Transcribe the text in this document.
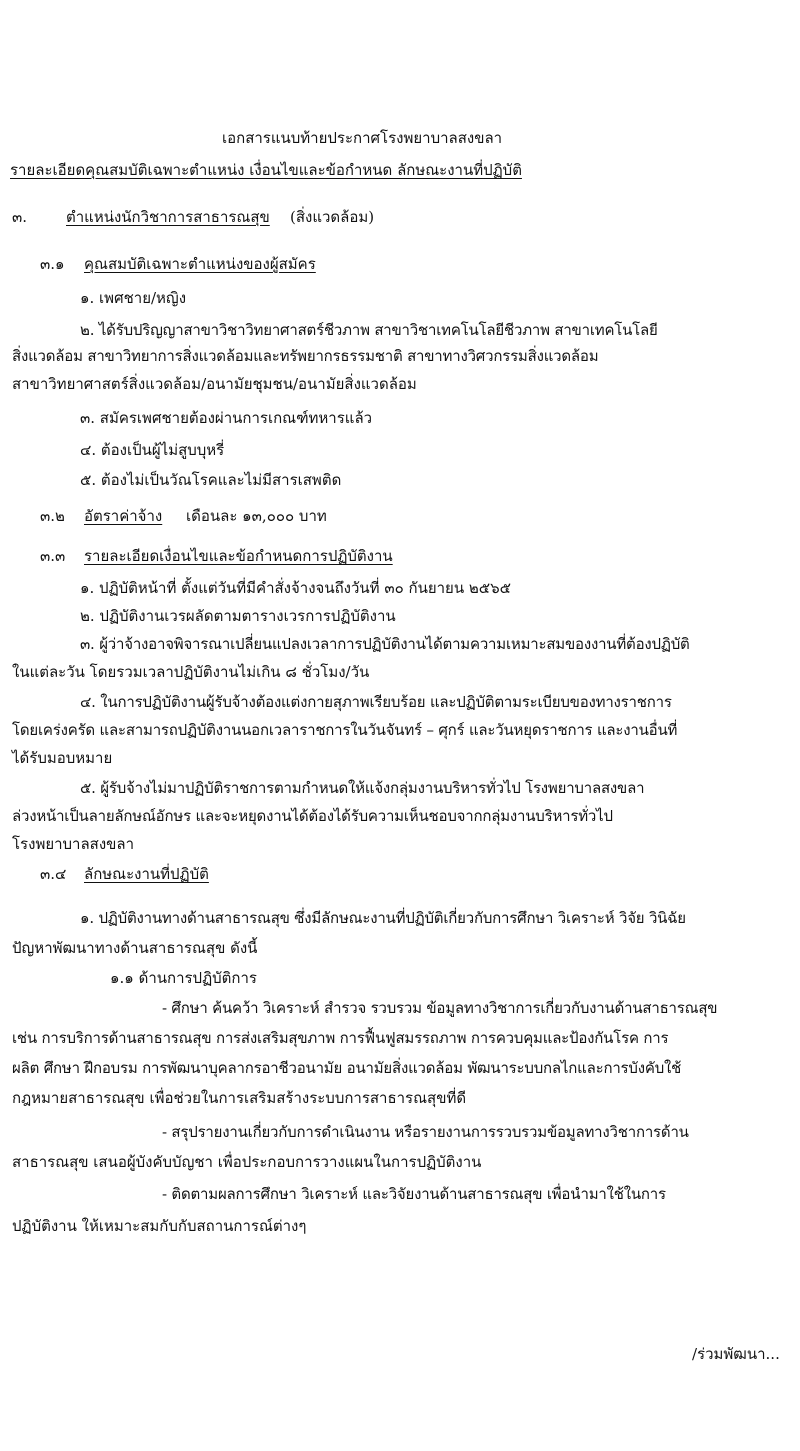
เอกสารแนบท้ายประกาศโรงพยาบาลสงขลา
รายละเอียดคุณสมบัติเฉพาะตำแหน่ง เงื่อนไขและข้อกำหนด ลักษณะงานที่ปฏิบัติ
๓.	ตำแหน่งนักวิชาการสาธารณสุข (สิ่งแวดล้อม)
๓.๑ คุณสมบัติเฉพาะตำแหน่งของผู้สมัคร
๑. เพศชาย/หญิง
๒. ได้รับปริญญาสาขาวิชาวิทยาศาสตร์ชีวภาพ สาขาวิชาเทคโนโลยีชีวภาพ สาขาเทคโนโลยี
สิ่งแวดล้อม สาขาวิทยาการสิ่งแวดล้อมและทรัพยากรธรรมชาติ สาขาทางวิศวกรรมสิ่งแวดล้อม
สาขาวิทยาศาสตร์สิ่งแวดล้อม/อนามัยชุมชน/อนามัยสิ่งแวดล้อม
๓. สมัครเพศชายต้องผ่านการเกณฑ์ทหารแล้ว
๔. ต้องเป็นผู้ไม่สูบบุหรี่
๕. ต้องไม่เป็นวัณโรคและไม่มีสารเสพติด
๓.๒ อัตราค่าจ้าง เดือนละ ๑๓,๐๐๐ บาท
๓.๓ รายละเอียดเงื่อนไขและข้อกำหนดการปฏิบัติงาน
๑. ปฏิบัติหน้าที่ ตั้งแต่วันที่มีคำสั่งจ้างจนถึงวันที่ ๓๐ กันยายน ๒๕๖๕
๒. ปฏิบัติงานเวรผลัดตามตารางเวรการปฏิบัติงาน
๓. ผู้ว่าจ้างอาจพิจารณาเปลี่ยนแปลงเวลาการปฏิบัติงานได้ตามความเหมาะสมของงานที่ต้องปฏิบัติ
ในแต่ละวัน โดยรวมเวลาปฏิบัติงานไม่เกิน ๘ ชั่วโมง/วัน
๔. ในการปฏิบัติงานผู้รับจ้างต้องแต่งกายสุภาพเรียบร้อย และปฏิบัติตามระเบียบของทางราชการ
โดยเคร่งครัด และสามารถปฏิบัติงานนอกเวลาราชการในวันจันทร์ – ศุกร์ และวันหยุดราชการ และงานอื่นที่
ได้รับมอบหมาย
๕. ผู้รับจ้างไม่มาปฏิบัติราชการตามกำหนดให้แจ้งกลุ่มงานบริหารทั่วไป โรงพยาบาลสงขลา
ล่วงหน้าเป็นลายลักษณ์อักษร และจะหยุดงานได้ต้องได้รับความเห็นชอบจากกลุ่มงานบริหารทั่วไป
โรงพยาบาลสงขลา
๓.๔ ลักษณะงานที่ปฏิบัติ
๑. ปฏิบัติงานทางด้านสาธารณสุข ซึ่งมีลักษณะงานที่ปฏิบัติเกี่ยวกับการศึกษา วิเคราะห์ วิจัย วินิฉัย
ปัญหาพัฒนาทางด้านสาธารณสุข ดังนี้
๑.๑ ด้านการปฏิบัติการ
- ศึกษา ค้นคว้า วิเคราะห์ สำรวจ รวบรวม ข้อมูลทางวิชาการเกี่ยวกับงานด้านสาธารณสุข
เช่น การบริการด้านสาธารณสุข การส่งเสริมสุขภาพ การฟื้นฟูสมรรถภาพ การควบคุมและป้องกันโรค การ
ผลิต ศึกษา ฝึกอบรม การพัฒนาบุคลากรอาชีวอนามัย อนามัยสิ่งแวดล้อม พัฒนาระบบกลไกและการบังคับใช้
กฎหมายสาธารณสุข เพื่อช่วยในการเสริมสร้างระบบการสาธารณสุขที่ดี
- สรุปรายงานเกี่ยวกับการดำเนินงาน หรือรายงานการรวบรวมข้อมูลทางวิชาการด้าน
สาธารณสุข เสนอผู้บังคับบัญชา เพื่อประกอบการวางแผนในการปฏิบัติงาน
- ติดตามผลการศึกษา วิเคราะห์ และวิจัยงานด้านสาธารณสุข เพื่อนำมาใช้ในการ
ปฏิบัติงาน ให้เหมาะสมกับกับสถานการณ์ต่างๆ
/ร่วมพัฒนา...
